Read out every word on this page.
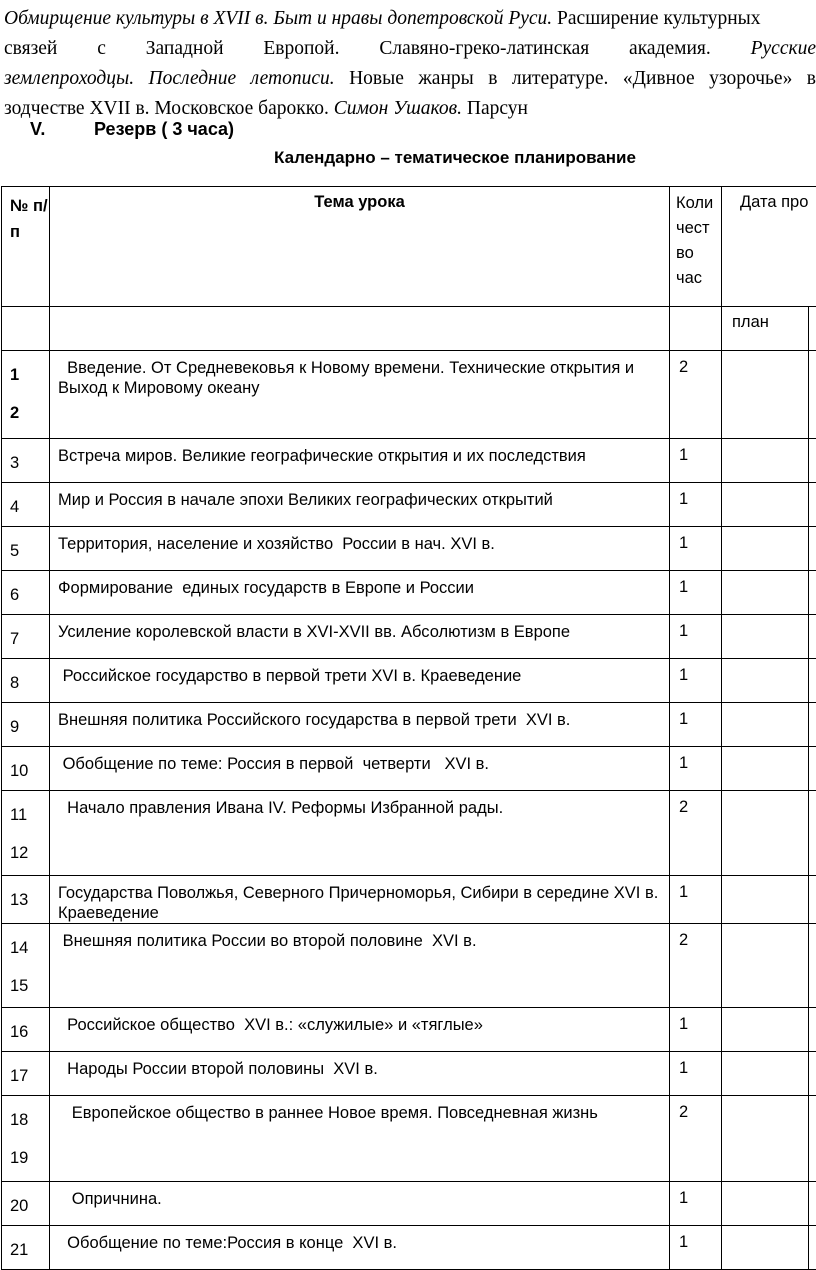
Обмирщение культуры в XVII в. Быт и нравы допетровской Руси. Расширение культурных
связей с Западной Европой. Славяно-греко-латинская академия. Русские
землепроходцы. Последние летописи. Новые жанры в литературе. «Дивное узорочье» в
зодчестве XVII в. Московское барокко. Симон Ушаков. Парсун
V.	Резерв ( 3 часа)
Календарно – тематическое планирование
№ п/п	Тема урока	Коли чест во час	Дата про	
			план	

1
2	Введение. От Средневековья к Новому времени. Технические открытия и Выход к Мировому океану	2		

3	Встреча миров. Великие географические открытия и их последствия	1		

4	Мир и Россия в начале эпохи Великих географических открытий	1		

5	Территория, население и хозяйство  России в нач. XVI в.	1		

6	Формирование  единых государств в Европе и России	1		

7	Усиление королевской власти в XVI-XVII вв. Абсолютизм в Европе	1		

8	Российское государство в первой трети XVI в. Краеведение	1		

9	Внешняя политика Российского государства в первой трети  XVI в.	1		

10	Обобщение по теме: Россия в первой  четверти   XVI в.	1		

11
12	Начало правления Ивана IV. Реформы Избранной рады.	2		

13	Государства Поволжья, Северного Причерноморья, Сибири в середине XVI в. Краеведение	1		

14
15	Внешняя политика России во второй половине  XVI в.	2		

16	Российское общество  XVI в.: «служилые» и «тяглые»	1		

17	Народы России второй половины  XVI в.	1		

18
19	Европейское общество в раннее Новое время. Повседневная жизнь	2		

20	Опричнина.	1		

21	Обобщение по теме:Россия в конце  XVI в.	1		
